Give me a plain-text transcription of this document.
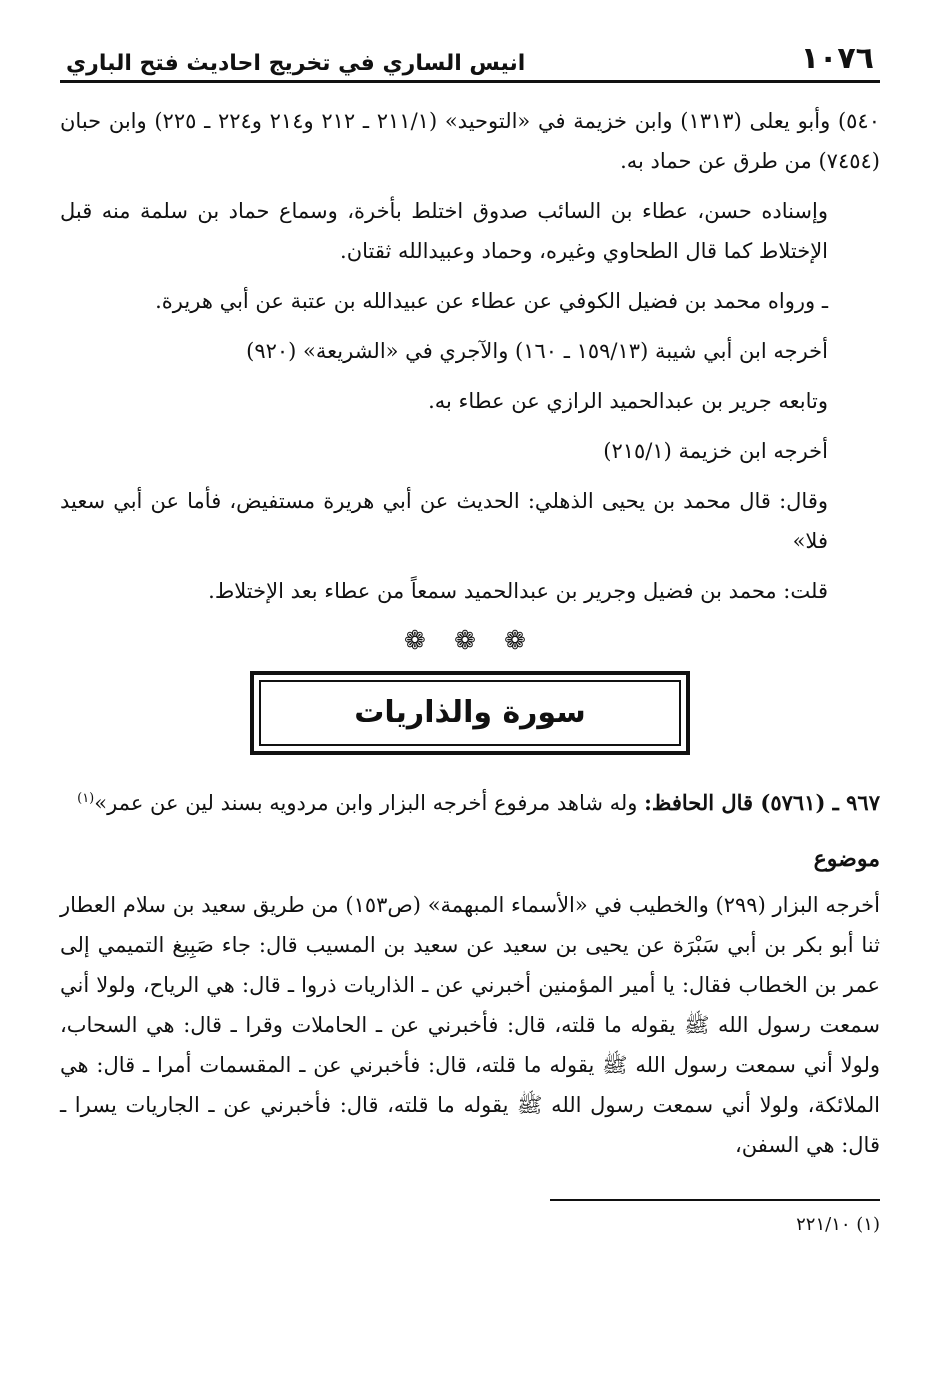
١٠٧٦
انيس الساري في تخريج احاديث فتح الباري

٥٤٠) وأبو يعلى (١٣١٣) وابن خزيمة في «التوحيد» (٢١١/١ ـ ٢١٢ و٢١٤ و٢٢٤ ـ ٢٢٥) وابن حبان (٧٤٥٤) من طرق عن حماد به.

وإسناده حسن، عطاء بن السائب صدوق اختلط بأخرة، وسماع حماد بن سلمة منه قبل الإختلاط كما قال الطحاوي وغيره، وحماد وعبيدالله ثقتان.

ـ ورواه محمد بن فضيل الكوفي عن عطاء عن عبيدالله بن عتبة عن أبي هريرة.

أخرجه ابن أبي شيبة (١٥٩/١٣ ـ ١٦٠) والآجري في «الشريعة» (٩٢٠)

وتابعه جرير بن عبدالحميد الرازي عن عطاء به.

أخرجه ابن خزيمة (٢١٥/١)

وقال: قال محمد بن يحيى الذهلي: الحديث عن أبي هريرة مستفيض، فأما عن أبي سعيد فلا»

قلت: محمد بن فضيل وجرير بن عبدالحميد سمعاً من عطاء بعد الإختلاط.

❁ ❁ ❁
سورة والذاريات

٩٦٧ ـ (٥٧٦١) قال الحافظ: وله شاهد مرفوع أخرجه البزار وابن مردويه بسند لين عن عمر»$^{(١)}$

موضوع

أخرجه البزار (٢٩٩) والخطيب في «الأسماء المبهمة» (ص١٥٣) من طريق سعيد بن سلام العطار ثنا أبو بكر بن أبي سَبْرَة عن يحيى بن سعيد عن سعيد بن المسيب قال: جاء صَبِيغ التميمي إلى عمر بن الخطاب فقال: يا أمير المؤمنين أخبرني عن ـ الذاريات ذروا ـ قال: هي الرياح، ولولا أني سمعت رسول الله ﷺ يقوله ما قلته، قال: فأخبرني عن ـ الحاملات وقرا ـ قال: هي السحاب، ولولا أني سمعت رسول الله ﷺ يقوله ما قلته، قال: فأخبرني عن ـ المقسمات أمرا ـ قال: هي الملائكة، ولولا أني سمعت رسول الله ﷺ يقوله ما قلته، قال: فأخبرني عن ـ الجاريات يسرا ـ قال: هي السفن،

(١) ٢٢١/١٠
